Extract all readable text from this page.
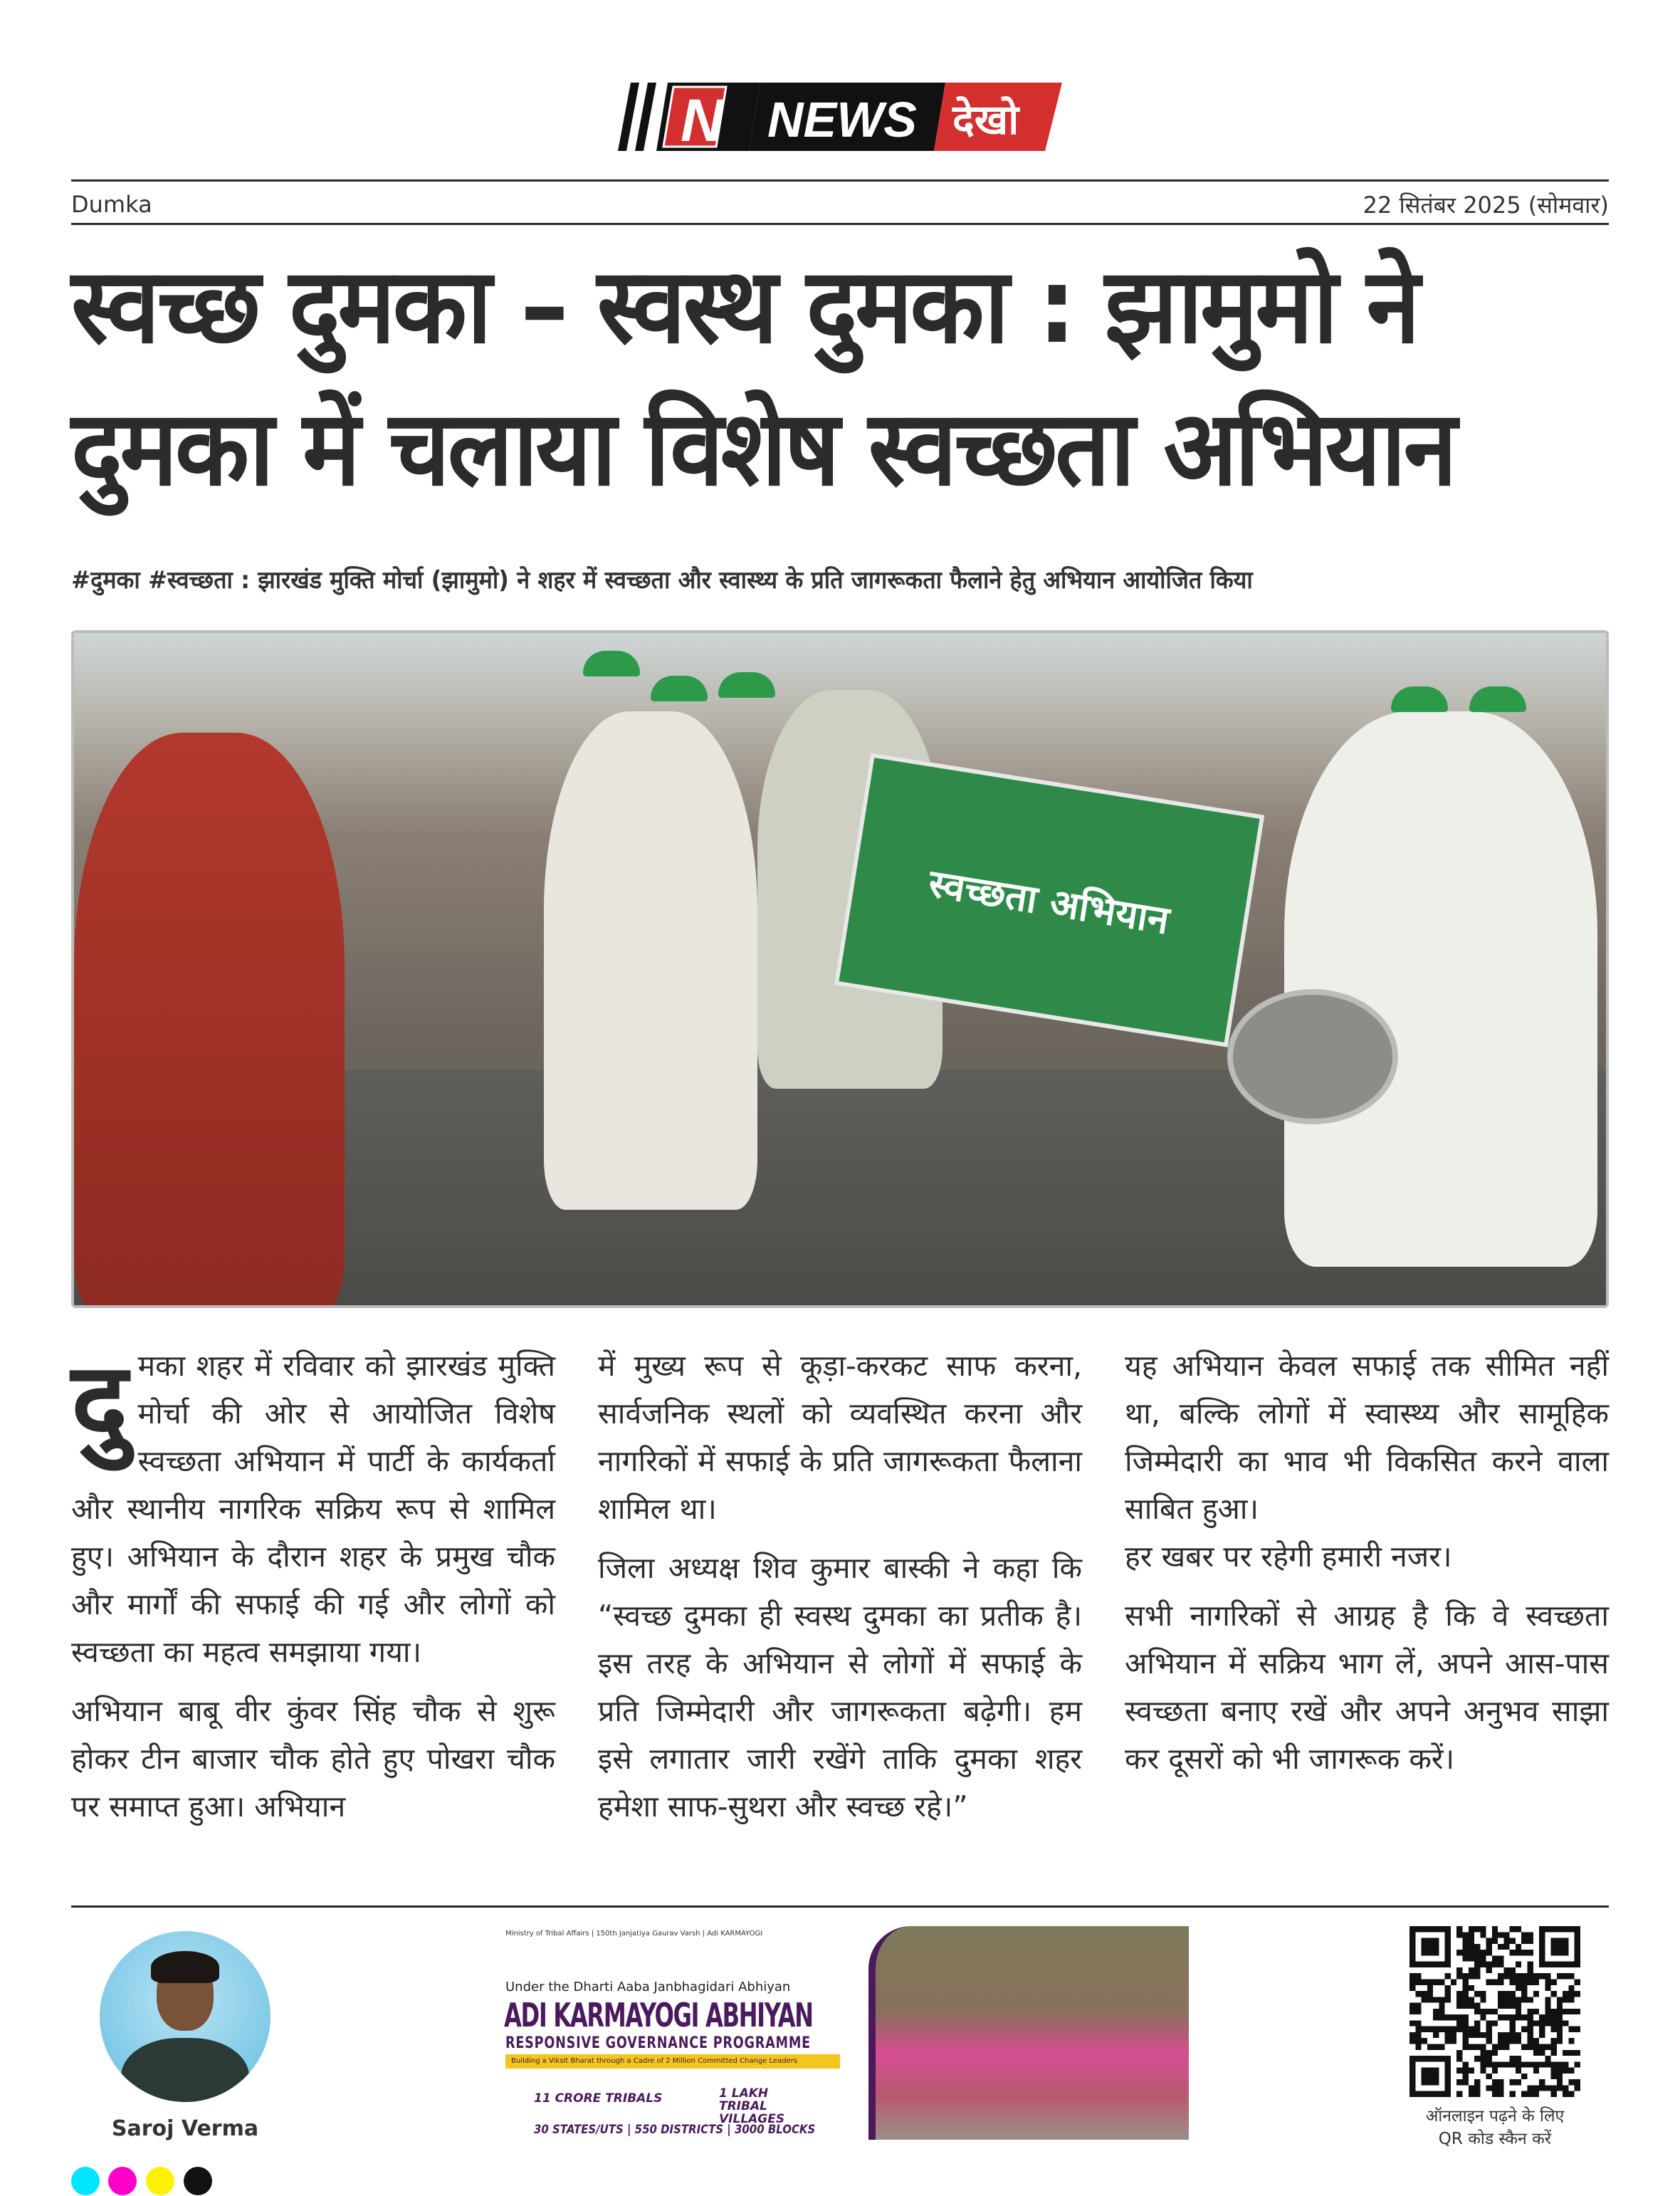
N NEWS देखो
Dumka	22 सितंबर 2025 (सोमवार)
स्वच्छ दुमका – स्वस्थ दुमका : झामुमो ने
दुमका में चलाया विशेष स्वच्छता अभियान
#दुमका #स्वच्छता : झारखंड मुक्ति मोर्चा (झामुमो) ने शहर में स्वच्छता और स्वास्थ्य के प्रति जागरूकता फैलाने हेतु अभियान आयोजित किया
स्वच्छता अभियान

दुमका शहर में रविवार को झारखंड मुक्ति मोर्चा की ओर से आयोजित विशेष स्वच्छता अभियान में पार्टी के कार्यकर्ता और स्थानीय नागरिक सक्रिय रूप से शामिल हुए। अभियान के दौरान शहर के प्रमुख चौक और मार्गों की सफाई की गई और लोगों को स्वच्छता का महत्व समझाया गया।

अभियान बाबू वीर कुंवर सिंह चौक से शुरू होकर टीन बाजार चौक होते हुए पोखरा चौक पर समाप्त हुआ। अभियान

में मुख्य रूप से कूड़ा-करकट साफ करना, सार्वजनिक स्थलों को व्यवस्थित करना और नागरिकों में सफाई के प्रति जागरूकता फैलाना शामिल था।

जिला अध्यक्ष शिव कुमार बास्की ने कहा कि “स्वच्छ दुमका ही स्वस्थ दुमका का प्रतीक है। इस तरह के अभियान से लोगों में सफाई के प्रति जिम्मेदारी और जागरूकता बढ़ेगी। हम इसे लगातार जारी रखेंगे ताकि दुमका शहर हमेशा साफ-सुथरा और स्वच्छ रहे।”

यह अभियान केवल सफाई तक सीमित नहीं था, बल्कि लोगों में स्वास्थ्य और सामूहिक जिम्मेदारी का भाव भी विकसित करने वाला साबित हुआ।

हर खबर पर रहेगी हमारी नजर।

सभी नागरिकों से आग्रह है कि वे स्वच्छता अभियान में सक्रिय भाग लें, अपने आस-पास स्वच्छता बनाए रखें और अपने अनुभव साझा कर दूसरों को भी जागरूक करें।

Saroj Verma
Ministry of Tribal Affairs | 150th Janjatiya Gaurav Varsh | Adi KARMAYOGI
Under the Dharti Aaba Janbhagidari Abhiyan
ADI KARMAYOGI ABHIYAN
RESPONSIVE GOVERNANCE PROGRAMME
Building a Viksit Bharat through a Cadre of 2 Million Committed Change Leaders
11 CRORE TRIBALS	1 LAKH TRIBAL VILLAGES
30 STATES/UTS | 550 DISTRICTS | 3000 BLOCKS
ऑनलाइन पढ़ने के लिए
QR कोड स्कैन करें
